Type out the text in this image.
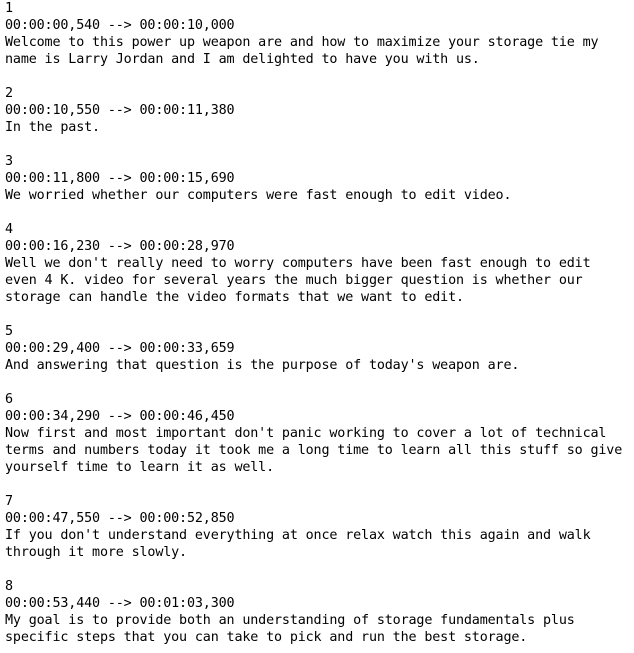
1
00:00:00,540 --> 00:00:10,000
Welcome to this power up weapon are and how to maximize your storage tie my
name is Larry Jordan and I am delighted to have you with us.
2
00:00:10,550 --> 00:00:11,380
In the past.
3
00:00:11,800 --> 00:00:15,690
We worried whether our computers were fast enough to edit video.
4
00:00:16,230 --> 00:00:28,970
Well we don't really need to worry computers have been fast enough to edit
even 4 K. video for several years the much bigger question is whether our
storage can handle the video formats that we want to edit.
5
00:00:29,400 --> 00:00:33,659
And answering that question is the purpose of today's weapon are.
6
00:00:34,290 --> 00:00:46,450
Now first and most important don't panic working to cover a lot of technical
terms and numbers today it took me a long time to learn all this stuff so give
yourself time to learn it as well.
7
00:00:47,550 --> 00:00:52,850
If you don't understand everything at once relax watch this again and walk
through it more slowly.
8
00:00:53,440 --> 00:01:03,300
My goal is to provide both an understanding of storage fundamentals plus
specific steps that you can take to pick and run the best storage.
